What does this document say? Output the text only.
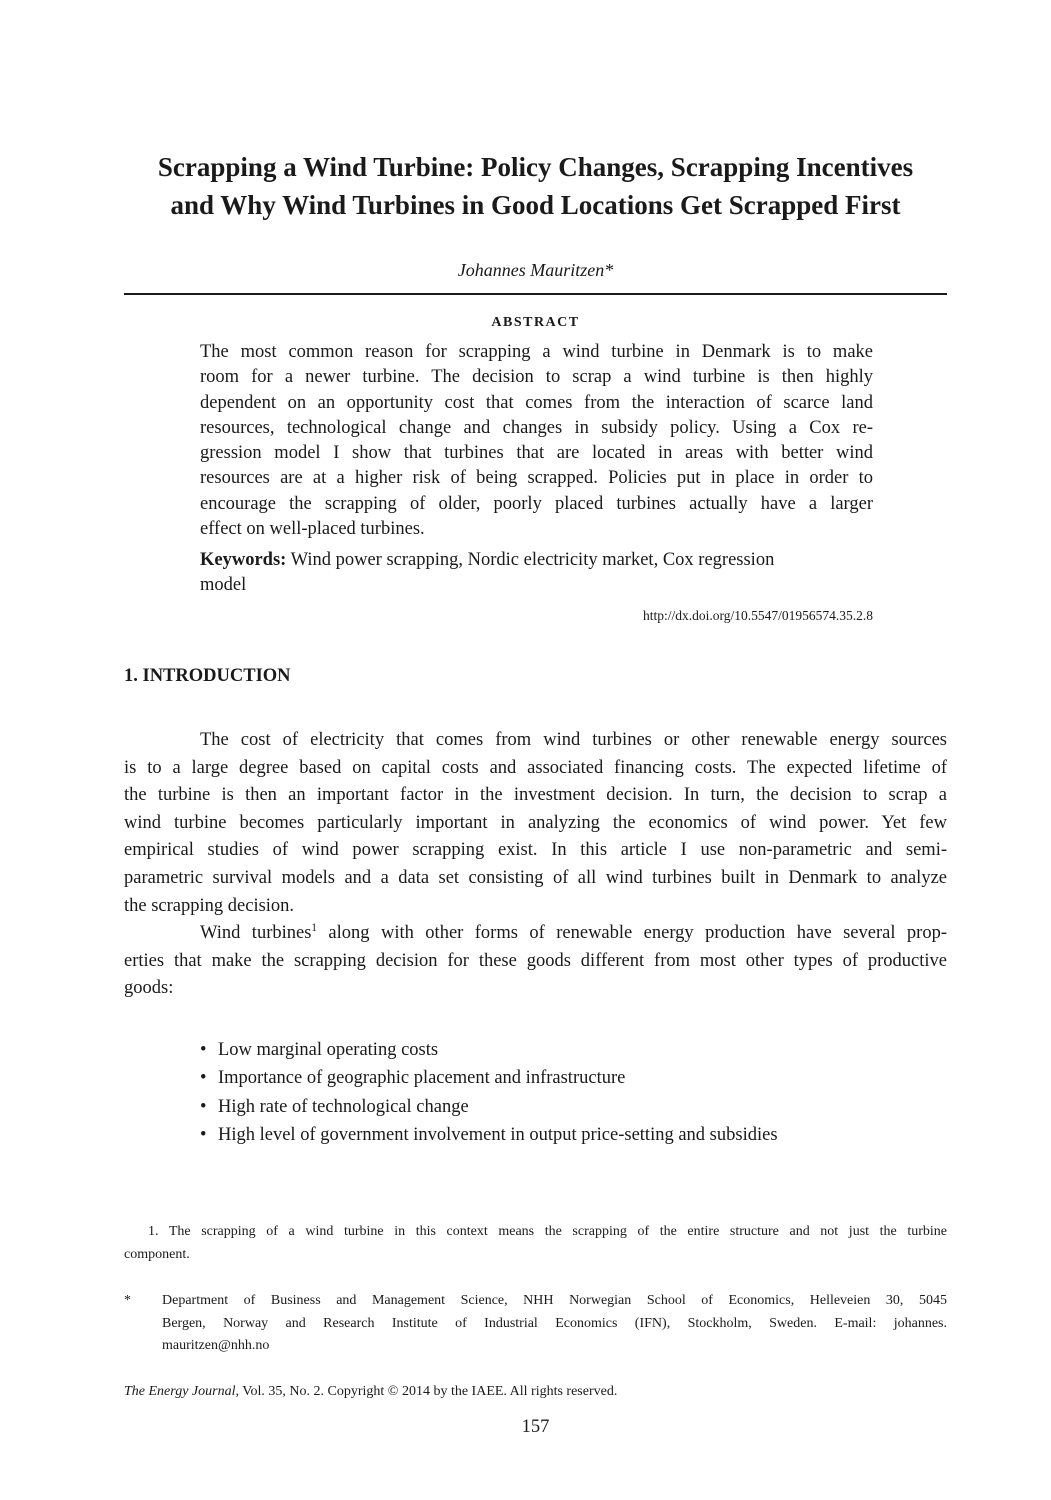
Scrapping a Wind Turbine: Policy Changes, Scrapping Incentives
and Why Wind Turbines in Good Locations Get Scrapped First
Johannes Mauritzen*
ABSTRACT
The most common reason for scrapping a wind turbine in Denmark is to make
room for a newer turbine. The decision to scrap a wind turbine is then highly
dependent on an opportunity cost that comes from the interaction of scarce land
resources, technological change and changes in subsidy policy. Using a Cox re-
gression model I show that turbines that are located in areas with better wind
resources are at a higher risk of being scrapped. Policies put in place in order to
encourage the scrapping of older, poorly placed turbines actually have a larger
effect on well-placed turbines.
Keywords: Wind power scrapping, Nordic electricity market, Cox regression
model
http://dx.doi.org/10.5547/01956574.35.2.8
1. INTRODUCTION
The cost of electricity that comes from wind turbines or other renewable energy sources
is to a large degree based on capital costs and associated financing costs. The expected lifetime of
the turbine is then an important factor in the investment decision. In turn, the decision to scrap a
wind turbine becomes particularly important in analyzing the economics of wind power. Yet few
empirical studies of wind power scrapping exist. In this article I use non-parametric and semi-
parametric survival models and a data set consisting of all wind turbines built in Denmark to analyze
the scrapping decision.
Wind turbines$^1$ along with other forms of renewable energy production have several prop-
erties that make the scrapping decision for these goods different from most other types of productive
goods:
• Low marginal operating costs
• Importance of geographic placement and infrastructure
• High rate of technological change
• High level of government involvement in output price-setting and subsidies
1. The scrapping of a wind turbine in this context means the scrapping of the entire structure and not just the turbine
component.
* Department of Business and Management Science, NHH Norwegian School of Economics, Helleveien 30, 5045
Bergen, Norway and Research Institute of Industrial Economics (IFN), Stockholm, Sweden. E-mail: johannes.
mauritzen@nhh.no
The Energy Journal, Vol. 35, No. 2. Copyright © 2014 by the IAEE. All rights reserved.
157
